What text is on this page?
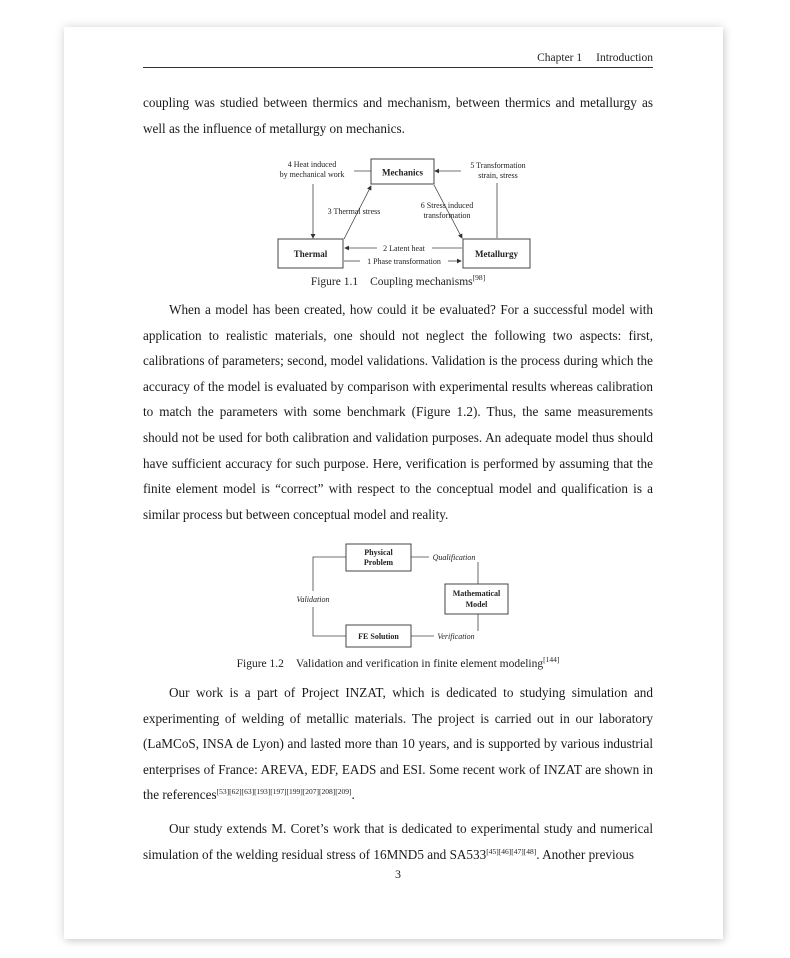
Chapter 1 Introduction

coupling was studied between thermics and mechanism, between thermics and metallurgy as well as the influence of metallurgy on mechanics.

Mechanics
Thermal	Metallurgy
4 Heat induced
by mechanical work
5 Transformation
strain, stress
3 Thermal stress
6 Stress induced
transformation
2 Latent heat
1 Phase transformation
Figure 1.1 Coupling mechanisms[98]

When a model has been created, how could it be evaluated? For a successful model with application to realistic materials, one should not neglect the following two aspects: first, calibrations of parameters; second, model validations. Validation is the process during which the accuracy of the model is evaluated by comparison with experimental results whereas calibration to match the parameters with some benchmark (Figure 1.2). Thus, the same measurements should not be used for both calibration and validation purposes. An adequate model thus should have sufficient accuracy for such purpose. Here, verification is performed by assuming that the finite element model is “correct” with respect to the conceptual model and qualification is a similar process but between conceptual model and reality.

Physical
Problem
Mathematical
Model
FE Solution
Validation
Qualification
Verification
Figure 1.2 Validation and verification in finite element modeling[144]

Our work is a part of Project INZAT, which is dedicated to studying simulation and experimenting of welding of metallic materials. The project is carried out in our laboratory (LaMCoS, INSA de Lyon) and lasted more than 10 years, and is supported by various industrial enterprises of France: AREVA, EDF, EADS and ESI. Some recent work of INZAT are shown in the references[53][62][63][193][197][199][207][208][209].

Our study extends M. Coret’s work that is dedicated to experimental study and numerical simulation of the welding residual stress of 16MND5 and SA533[45][46][47][48]. Another previous

3
